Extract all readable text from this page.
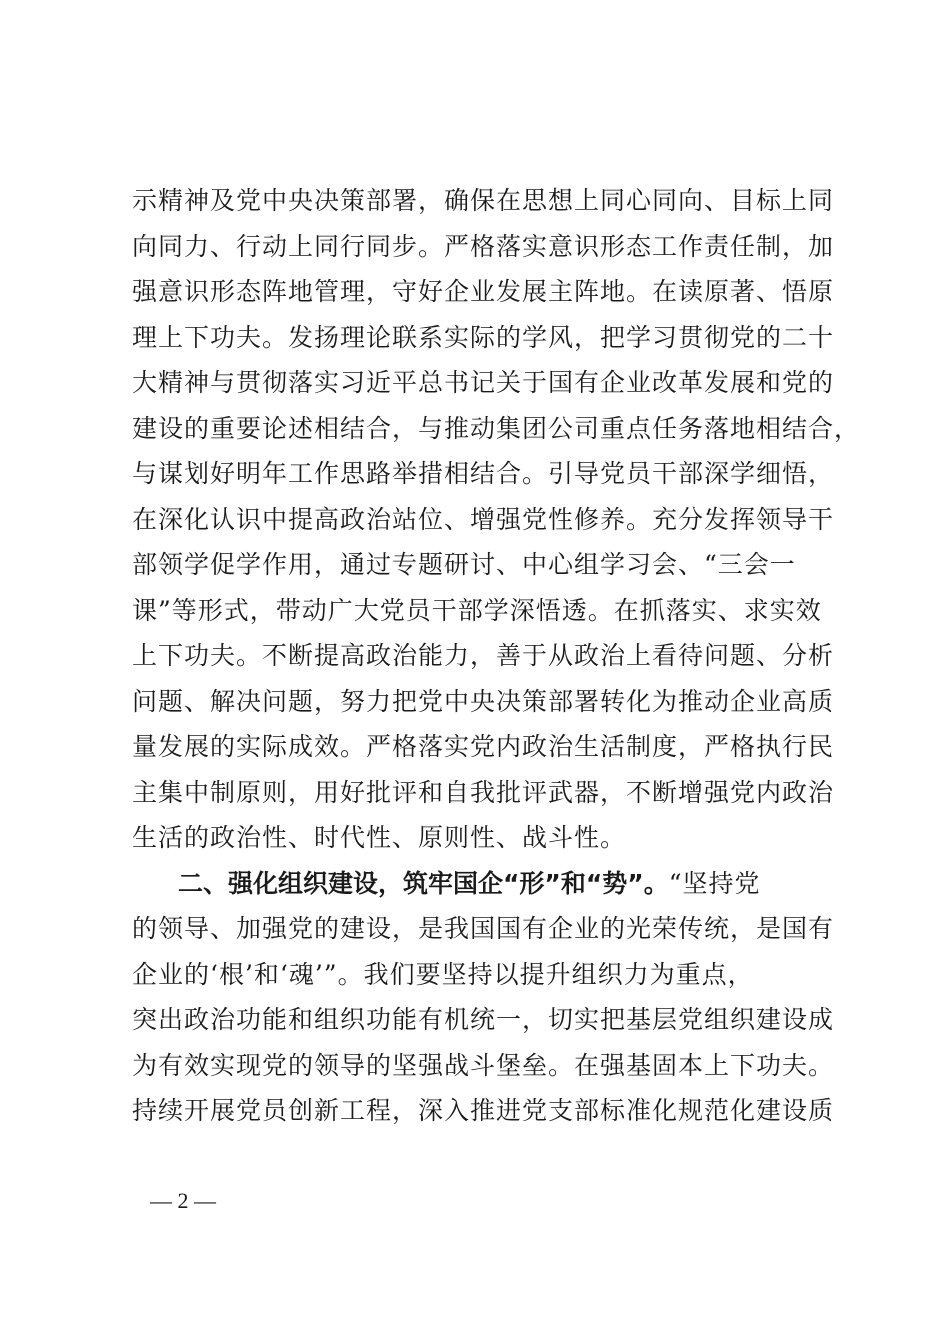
示精神及党中央决策部署，确保在思想上同心同向、目标上同
向同力、行动上同行同步。严格落实意识形态工作责任制，加
强意识形态阵地管理，守好企业发展主阵地。在读原著、悟原
理上下功夫。发扬理论联系实际的学风，把学习贯彻党的二十
大精神与贯彻落实习近平总书记关于国有企业改革发展和党的
建设的重要论述相结合，与推动集团公司重点任务落地相结合，
与谋划好明年工作思路举措相结合。引导党员干部深学细悟，
在深化认识中提高政治站位、增强党性修养。充分发挥领导干
部领学促学作用，通过专题研讨、中心组学习会、“三会一
课”等形式，带动广大党员干部学深悟透。在抓落实、求实效
上下功夫。不断提高政治能力，善于从政治上看待问题、分析
问题、解决问题，努力把党中央决策部署转化为推动企业高质
量发展的实际成效。严格落实党内政治生活制度，严格执行民
主集中制原则，用好批评和自我批评武器，不断增强党内政治
生活的政治性、时代性、原则性、战斗性。
二、强化组织建设，筑牢国企“形”和“势”。“坚持党
的领导、加强党的建设，是我国国有企业的光荣传统，是国有
企业的‘根’和‘魂’”。我们要坚持以提升组织力为重点，
突出政治功能和组织功能有机统一，切实把基层党组织建设成
为有效实现党的领导的坚强战斗堡垒。在强基固本上下功夫。
持续开展党员创新工程，深入推进党支部标准化规范化建设质
— 2 —
